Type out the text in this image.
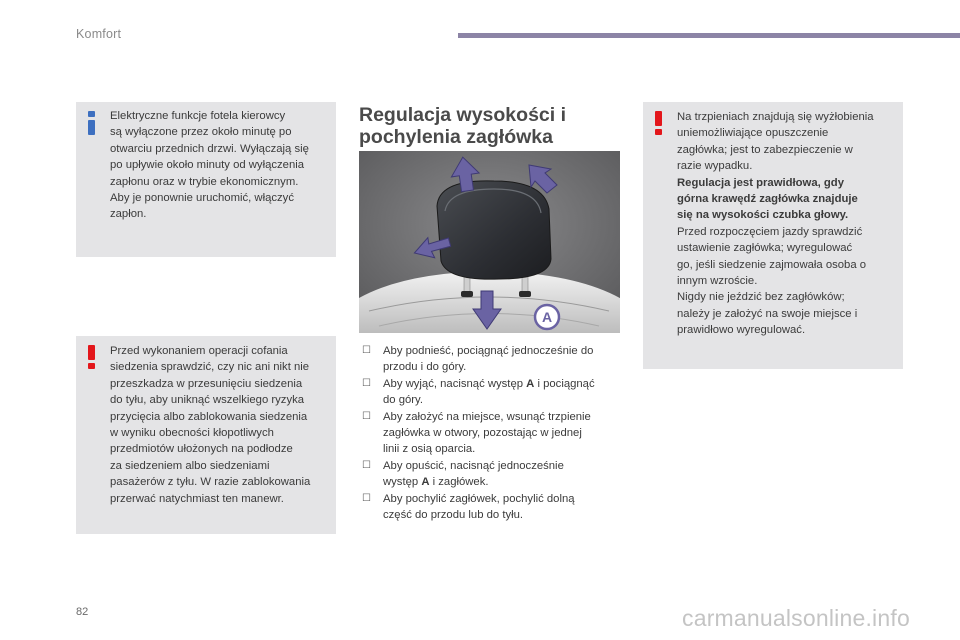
Komfort

Elektryczne funkcje fotela kierowcy

są wyłączone przez około minutę po

otwarciu przednich drzwi. Wyłączają się

po upływie około minuty od wyłączenia

zapłonu oraz w trybie ekonomicznym.

Aby je ponownie uruchomić, włączyć

zapłon.

Przed wykonaniem operacji cofania

siedzenia sprawdzić, czy nic ani nikt nie

przeszkadza w przesunięciu siedzenia

do tyłu, aby uniknąć wszelkiego ryzyka

przycięcia albo zablokowania siedzenia

w wyniku obecności kłopotliwych

przedmiotów ułożonych na podłodze

za siedzeniem albo siedzeniami

pasażerów z tyłu. W razie zablokowania

przerwać natychmiast ten manewr.

Regulacja wysokości i
pochylenia zagłówka
A
☐ Aby podnieść, pociągnąć jednocześnie do
przodu i do góry.
☐ Aby wyjąć, nacisnąć występ A i pociągnąć
do góry.
☐ Aby założyć na miejsce, wsunąć trzpienie
zagłówka w otwory, pozostając w jednej
linii z osią oparcia.
☐ Aby opuścić, nacisnąć jednocześnie
występ A i zagłówek.
☐ Aby pochylić zagłówek, pochylić dolną
część do przodu lub do tyłu.

Na trzpieniach znajdują się wyżłobienia

uniemożliwiające opuszczenie

zagłówka; jest to zabezpieczenie w

razie wypadku.

Regulacja jest prawidłowa, gdy

górna krawędź zagłówka znajduje

się na wysokości czubka głowy.

Przed rozpoczęciem jazdy sprawdzić

ustawienie zagłówka; wyregulować

go, jeśli siedzenie zajmowała osoba o

innym wzroście.

Nigdy nie jeździć bez zagłówków;

należy je założyć na swoje miejsce i

prawidłowo wyregulować.

82	carmanualsonline.info
